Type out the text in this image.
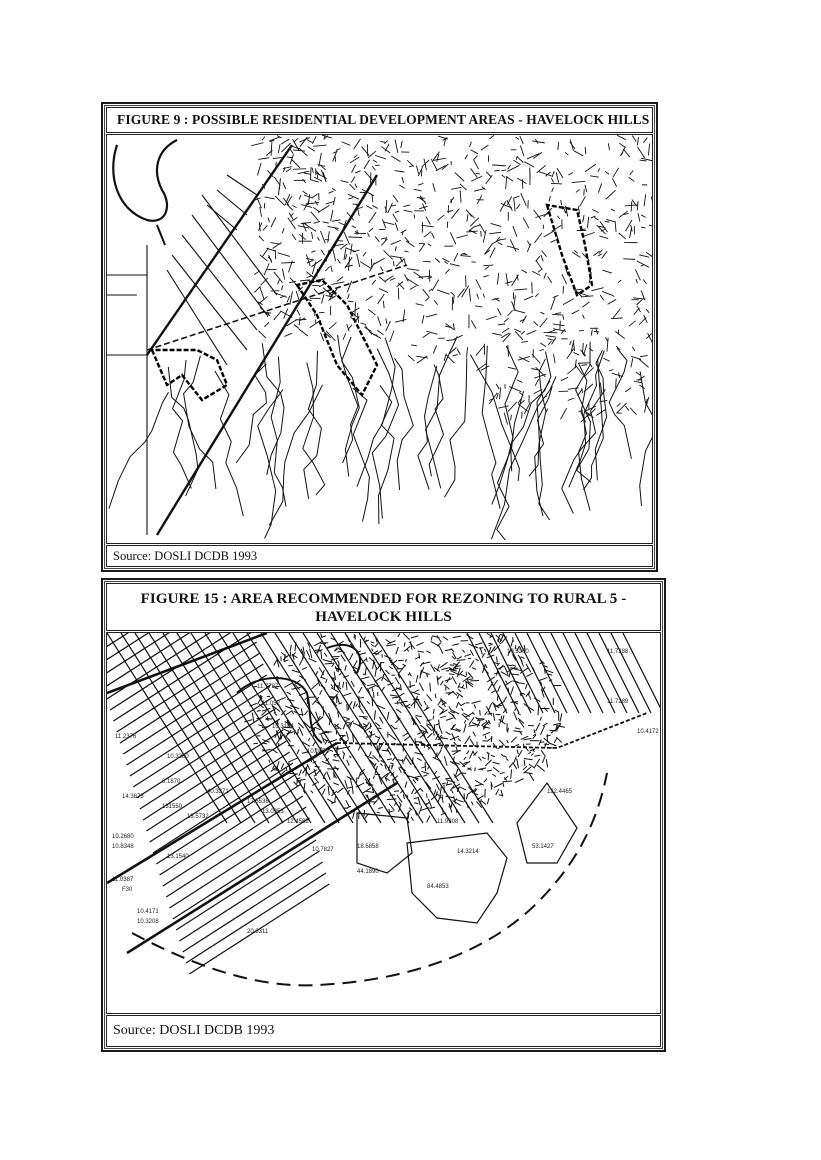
FIGURE 9 : POSSIBLE RESIDENTIAL DEVELOPMENT AREAS - HAVELOCK HILLS
Source: DOSLI DCDB 1993
FIGURE 15 : AREA RECOMMENDED FOR REZONING TO RURAL 5 -
HAVELOCK HILLS
11.7787
11.052
10.3184
11.2376
10.3380
10.0251
8.1870
14.3873
40.3371
17.5538
13.0953
12.4582
131550
13.5732
10.2680
10.8348
13.1540
11.0387
F30
10.4171
10.3208
20.8311
10.7827	18.6858
44.1890
11.9908
14.3214
84.4853
53.1427
122.4465
10.5200	11.7288
11.7289
10.4172
Source: DOSLI DCDB 1993
